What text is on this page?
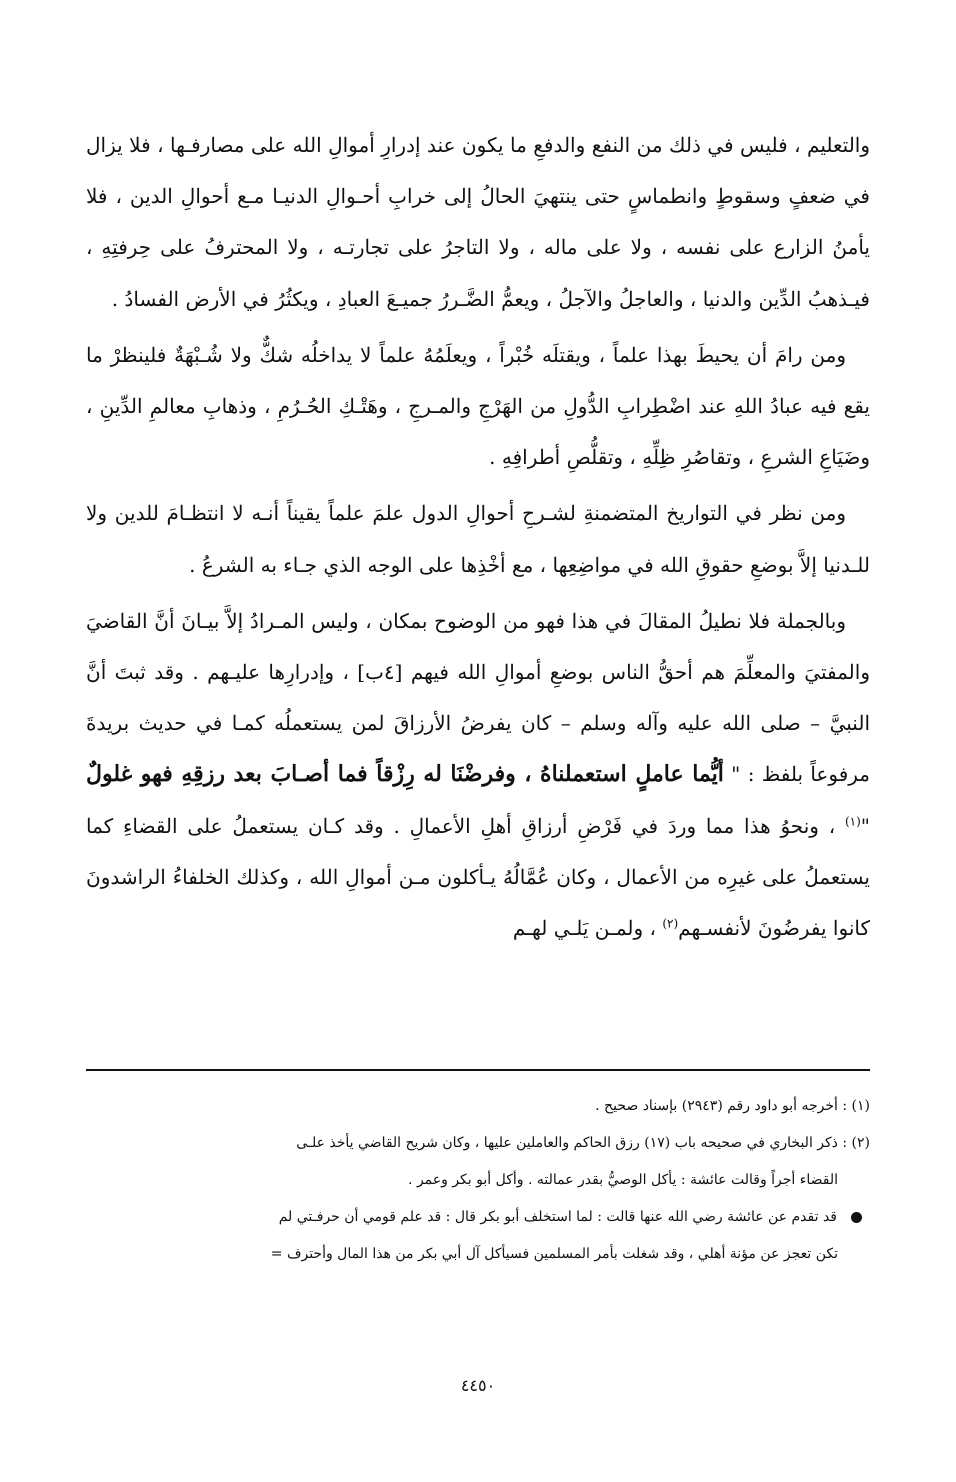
والتعليم ، فليس في ذلك من النفع والدفعِ ما يكون عند إدرارِ أموالِ الله على مصارفـها ، فلا يزال في ضعفٍ وسقوطٍ وانطماسٍ حتى ينتهيَ الحالُ إلى خرابِ أحـوالِ الدنيـا مـع أحوالِ الدين ، فلا يأمنُ الزارع على نفسه ، ولا على ماله ، ولا التاجرُ على تجارتـه ، ولا المحترفُ على حِرفتِهِ ، فيـذهبُ الدِّين والدنيا ، والعاجلُ والآجلُ ، ويعمُّ الضَّـررُ جميـعَ العبادِ ، ويكثُرُ في الأرض الفسادُ .

ومن رامَ أن يحيطَ بهذا علماً ، ويقتلَه خُبْراً ، ويعلَمُهُ علماً لا يداخلُه شكٌّ ولا شُـبْهَةٌ فلينظرْ ما يقع فيه عبادُ اللهِ عند اضْطِرابِ الدُّولِ من الهَرْجِ والمـرجِ ، وهَتْـكِ الحُـرُمِ ، وذهابِ معالمِ الدِّينِ ، وضَيَاعِ الشرعِ ، وتقاصُرِ ظِلِّهِ ، وتقلُّصِ أطرافِهِ .

ومن نظر في التواريخ المتضمنةِ لشـرحِ أحوالِ الدول علمَ علماً يقيناً أنـه لا انتظـامَ للدين ولا للـدنيا إلاَّ بوضعِ حقوقِ الله في مواضِعِها ، مع أخْذِها على الوجه الذي جـاء به الشرعُ .

وبالجملة فلا نطيلُ المقالَ في هذا فهو من الوضوح بمكان ، وليس المـرادُ إلاَّ بيـانَ أنَّ القاضيَ والمفتيَ والمعلِّمَ هم أحقُّ الناس بوضعِ أموالِ الله فيهم [٤ب] ، وإدرارِها عليـهم . وقد ثبتَ أنَّ النبيَّ – صلى الله عليه وآله وسلم – كان يفرضُ الأرزاقَ لمن يستعملُه كمـا في حديث بريدةَ مرفوعاً بلفظ : " أيُّما عاملٍ استعملناهُ ، وفرضْنَا له رِزْقاً فما أصـابَ بعد رزقِهِ فهو غلولٌ "$^{(١)}$ ، ونحوُ هذا مما وردَ في فَرْضِ أرزاقِ أهلِ الأعمالِ . وقد كـان يستعملُ على القضاءِ كما يستعملُ على غيرِه من الأعمال ، وكان عُمَّالُهُ يـأكلون مـن أموالِ الله ، وكذلك الخلفاءُ الراشدونَ كانوا يفرضُونَ لأنفسـهم$^{(٢)}$ ، ولمـن يَلـي لهـم

(١) : أخرجه أبو داود رقم (٢٩٤٣) بإسناد صحيح .

(٢) : ذكر البخاري في صحيحه باب (١٧) رزق الحاكم والعاملين عليها ، وكان شريح القاضي يأخذ علـى

القضاء أجراً وقالت عائشة : يأكل الوصيُّ بقدر عمالته . وأكل أبو بكر وعمر .

قد تقدم عن عائشة رضي الله عنها قالت : لما استخلف أبو بكر قال : قد علم قومي أن حرفـتي لم

تكن تعجز عن مؤنة أهلي ، وقد شغلت بأمر المسلمين فسيأكل آل أبي بكر من هذا المال وأحترف =

٤٤٥٠
